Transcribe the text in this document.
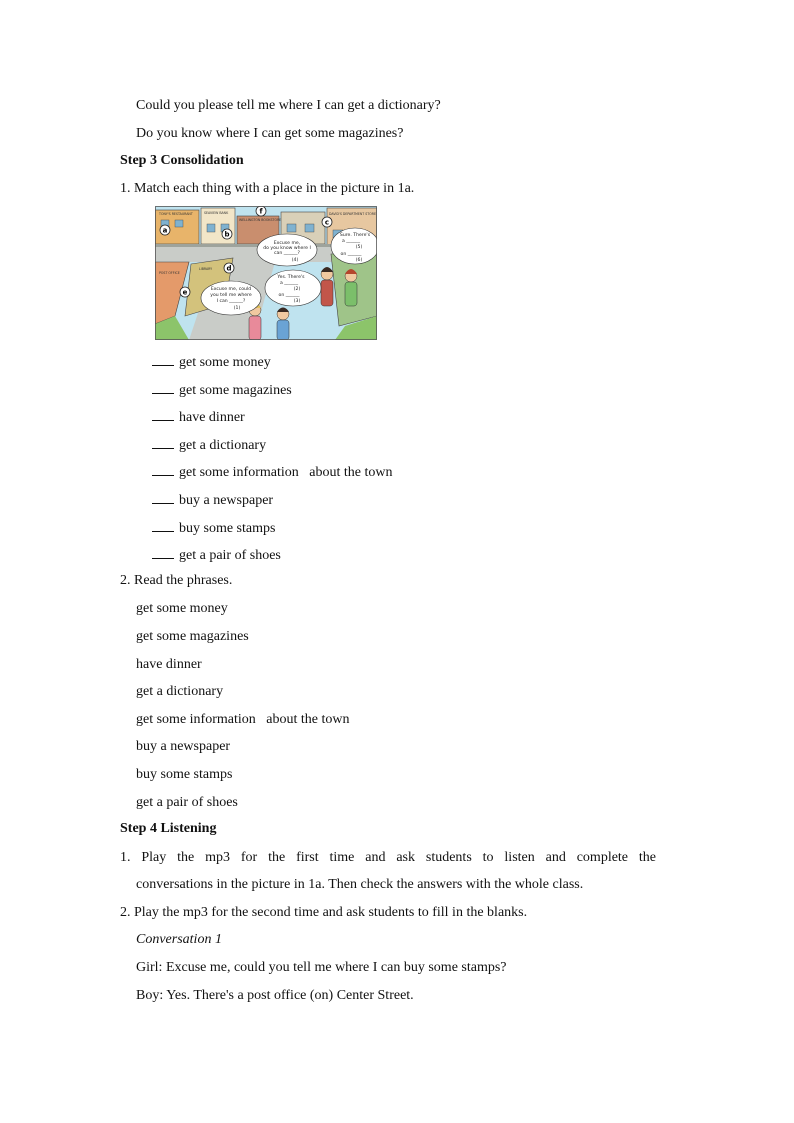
Could you please tell me where I can get a dictionary?
Do you know where I can get some magazines?
Step 3 Consolidation
1. Match each thing with a place in the picture in 1a.
TONY'S RESTAURANT	SEAVIEW BANK
WELLINGTON BOOKSTORE
DAVID'S DEPARTMENT STORE
LIBRARY
POST OFFICE
a	b
c
d
e
f
Excuse me,
do you know where I
can ______?
(4)
Sure. There's
a ______
(5)
on ______
(6)
Yes. There's
a ______
(2)
on ______
(3)
Excuse me, could
you tell me where
I can ______?
(1)
get some money
get some magazines
have dinner
get a dictionary
get some information   about the town
buy a newspaper
buy some stamps
get a pair of shoes
2. Read the phrases.
get some money
get some magazines
have dinner
get a dictionary
get some information   about the town
buy a newspaper
buy some stamps
get a pair of shoes
Step 4 Listening
1. Play the mp3 for the first time and ask students to listen and complete the
conversations in the picture in 1a. Then check the answers with the whole class.
2. Play the mp3 for the second time and ask students to fill in the blanks.
Conversation 1
Girl: Excuse me, could you tell me where I can buy some stamps?
Boy: Yes. There's a post office (on) Center Street.
